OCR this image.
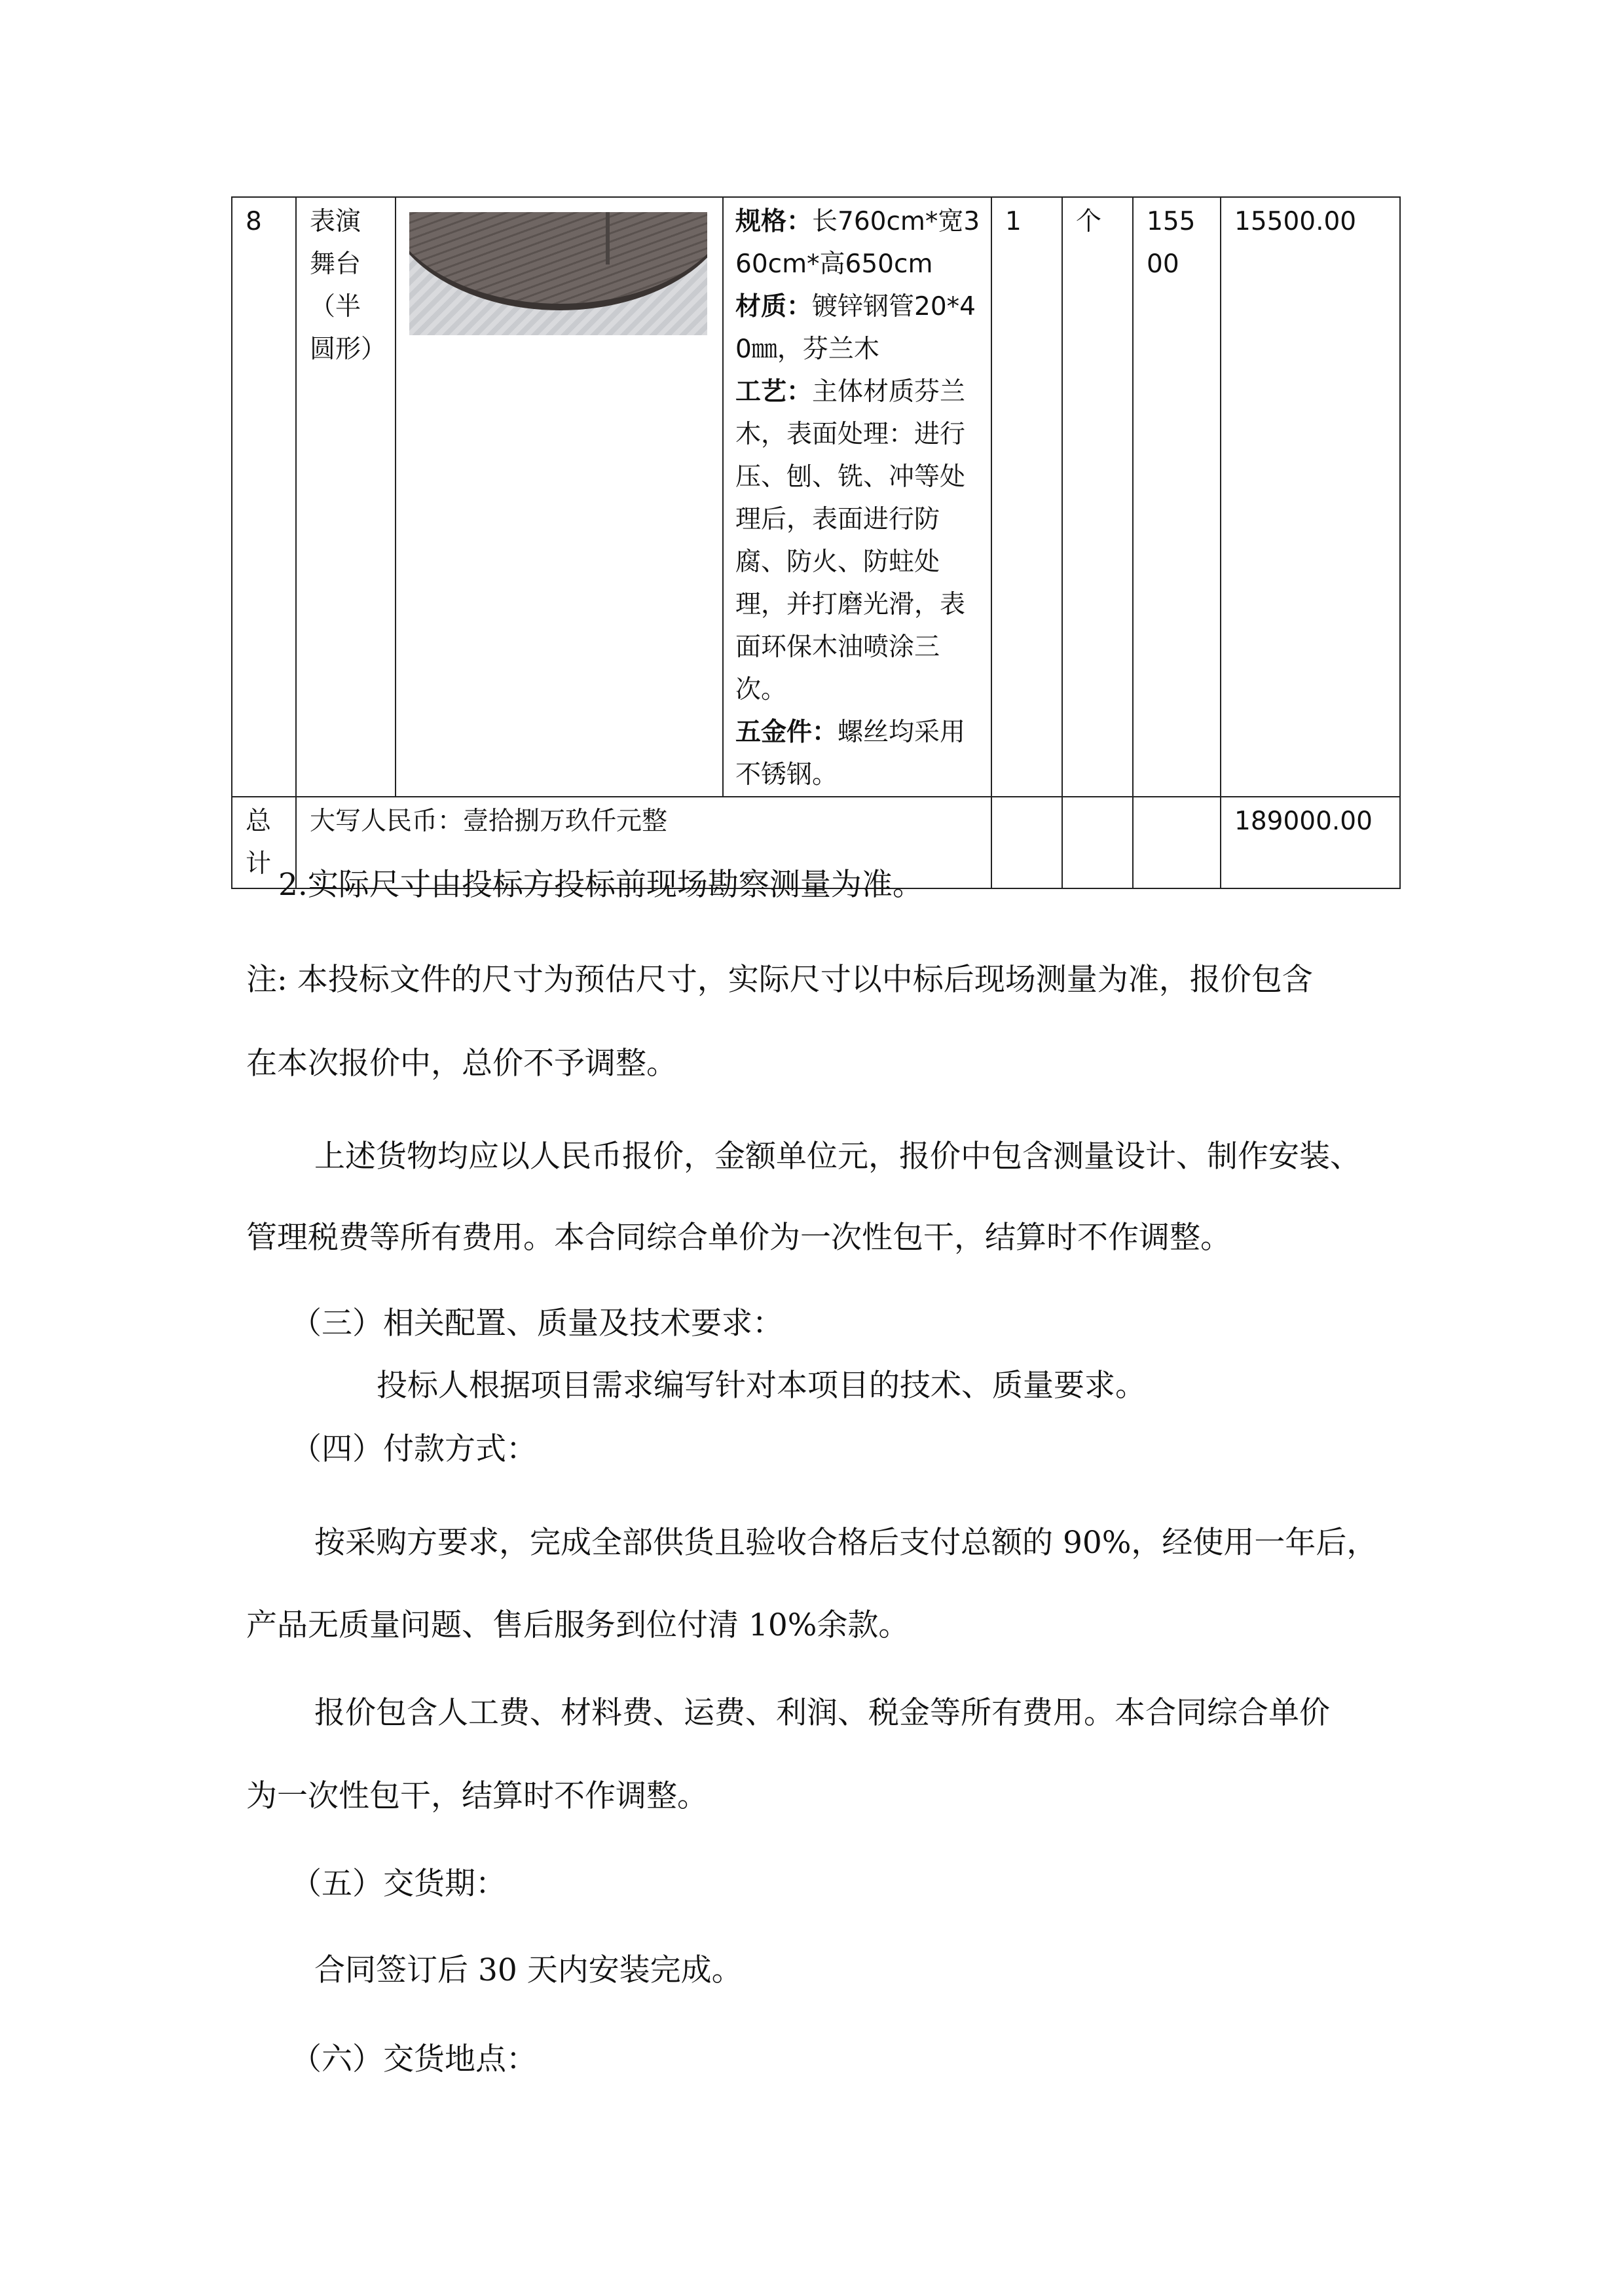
8	表演舞台（半圆形）		规格：长760cm*宽360cm*高650cm
材质：镀锌钢管20*40㎜，芬兰木
工艺：主体材质芬兰木，表面处理：进行压、刨、铣、冲等处理后，表面进行防腐、防火、防蛀处理，并打磨光滑，表面环保木油喷涂三次。
五金件：螺丝均采用不锈钢。	1	个	15500	15500.00
总计	大写人民币：壹拾捌万玖仟元整						189000.00
2.实际尺寸由投标方投标前现场勘察测量为准。
注: 本投标文件的尺寸为预估尺寸，实际尺寸以中标后现场测量为准，报价包含
在本次报价中，总价不予调整。
上述货物均应以人民币报价，金额单位元，报价中包含测量设计、制作安装、
管理税费等所有费用。本合同综合单价为一次性包干，结算时不作调整。
（三）相关配置、质量及技术要求：
投标人根据项目需求编写针对本项目的技术、质量要求。
（四）付款方式：
按采购方要求，完成全部供货且验收合格后支付总额的 90%，经使用一年后，
产品无质量问题、售后服务到位付清 10%余款。
报价包含人工费、材料费、运费、利润、税金等所有费用。本合同综合单价
为一次性包干，结算时不作调整。
（五）交货期：
合同签订后 30 天内安装完成。
（六）交货地点：
